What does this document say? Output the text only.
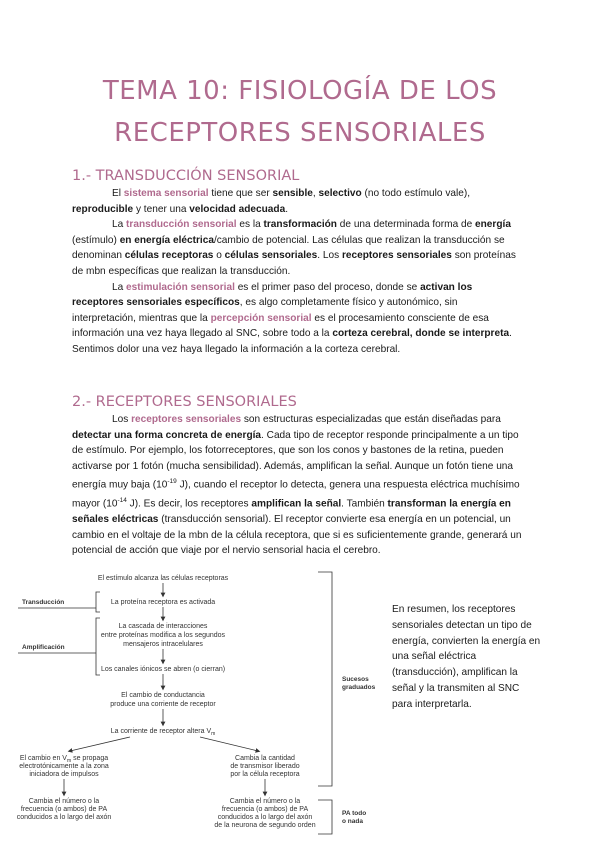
TEMA 10: FISIOLOGÍA DE LOS
RECEPTORES SENSORIALES
1.- TRANSDUCCIÓN SENSORIAL

El sistema sensorial tiene que ser sensible, selectivo (no todo estímulo vale), reproducible y tener una velocidad adecuada.

La transducción sensorial es la transformación de una determinada forma de energía (estímulo) en energía eléctrica/cambio de potencial. Las células que realizan la transducción se denominan células receptoras o células sensoriales. Los receptores sensoriales son proteínas de mbn específicas que realizan la transducción.

La estimulación sensorial es el primer paso del proceso, donde se activan los receptores sensoriales específicos, es algo completamente físico y autonómico, sin interpretación, mientras que la percepción sensorial es el procesamiento consciente de esa información una vez haya llegado al SNC, sobre todo a la corteza cerebral, donde se interpreta. Sentimos dolor una vez haya llegado la información a la corteza cerebral.

2.- RECEPTORES SENSORIALES

Los receptores sensoriales son estructuras especializadas que están diseñadas para detectar una forma concreta de energía. Cada tipo de receptor responde principalmente a un tipo de estímulo. Por ejemplo, los fotorreceptores, que son los conos y bastones de la retina, pueden activarse por 1 fotón (mucha sensibilidad). Además, amplifican la señal. Aunque un fotón tiene una energía muy baja ($10^{-19}$ J), cuando el receptor lo detecta, genera una respuesta eléctrica muchísimo mayor ($10^{-14}$ J). Es decir, los receptores amplifican la señal. También transforman la energía en señales eléctricas (transducción sensorial). El receptor convierte esa energía en un potencial, un cambio en el voltaje de la mbn de la célula receptora, que si es suficientemente grande, generará un potencial de acción que viaje por el nervio sensorial hacia el cerebro.

El estímulo alcanza las células receptoras
La proteína receptora es activada
La cascada de interacciones
entre proteínas modifica a los segundos
mensajeros intracelulares
Los canales iónicos se abren (o cierran)
El cambio de conductancia
produce una corriente de receptor
La corriente de receptor altera $V_m$
El cambio en $V_m$ se propaga
electrotónicamente a la zona
iniciadora de impulsos
Cambia la cantidad
de transmisor liberado
por la célula receptora
Cambia el número o la
frecuencia (o ambos) de PA
conducidos a lo largo del axón
Cambia el número o la
frecuencia (o ambos) de PA
conducidos a lo largo del axón
de la neurona de segundo orden
Transducción
Amplificación
Sucesos
graduados
PA todo
o nada
En resumen, los receptores sensoriales detectan un tipo de energía, convierten la energía en una señal eléctrica (transducción), amplifican la señal y la transmiten al SNC para interpretarla.
